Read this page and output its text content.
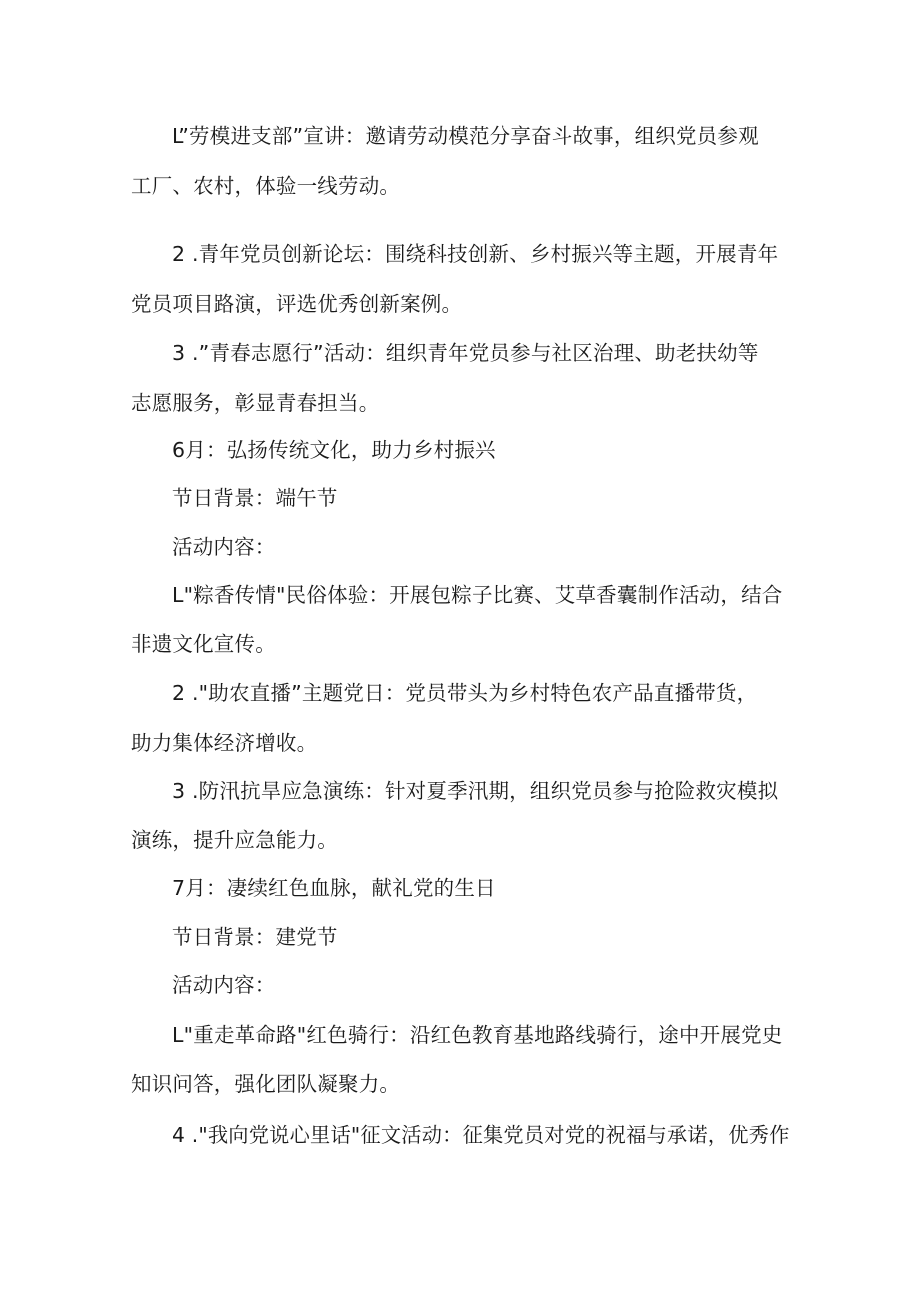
L”劳模进支部”宣讲：邀请劳动模范分享奋斗故事，组织党员参观

工厂、农村，体验一线劳动。

2 .青年党员创新论坛：围绕科技创新、乡村振兴等主题，开展青年

党员项目路演，评选优秀创新案例。

3 .”青春志愿行”活动：组织青年党员参与社区治理、助老扶幼等

志愿服务，彰显青春担当。

6月：弘扬传统文化，助力乡村振兴

节日背景：端午节

活动内容：

L"粽香传情"民俗体验：开展包粽子比赛、艾草香囊制作活动，结合

非遗文化宣传。

2 ."助农直播”主题党日：党员带头为乡村特色农产品直播带货，

助力集体经济增收。

3 .防汛抗旱应急演练：针对夏季汛期，组织党员参与抢险救灾模拟

演练，提升应急能力。

7月：凄续红色血脉，献礼党的生日

节日背景：建党节

活动内容：

L"重走革命路"红色骑行：沿红色教育基地路线骑行，途中开展党史

知识问答，强化团队凝聚力。

4 ."我向党说心里话"征文活动：征集党员对党的祝福与承诺，优秀作
